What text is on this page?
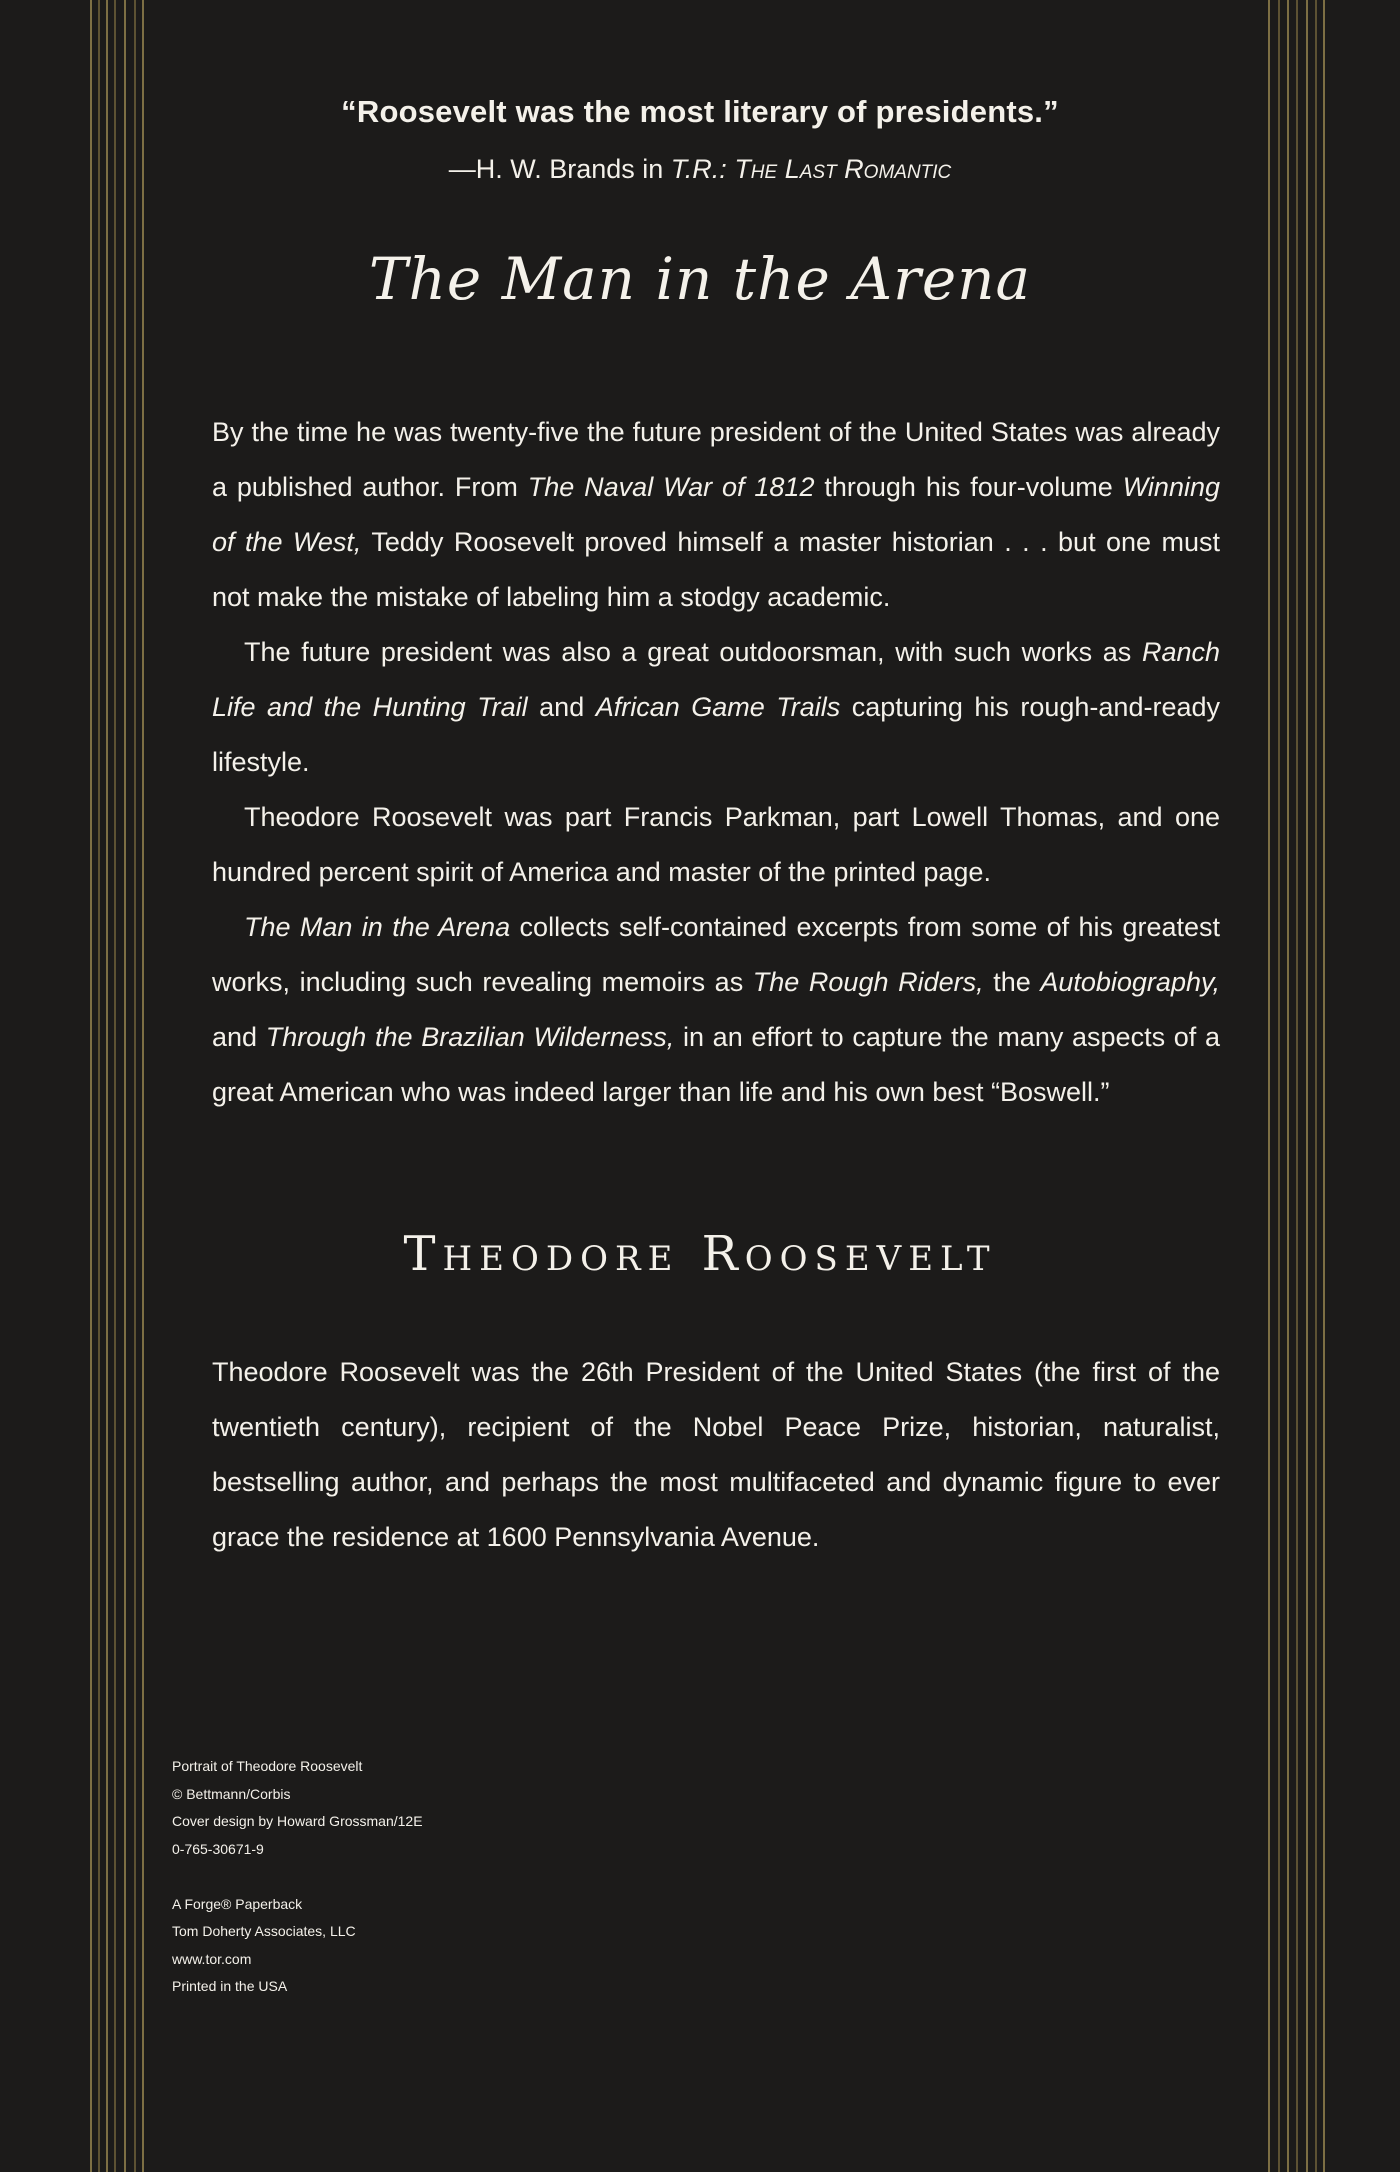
“Roosevelt was the most literary of presidents.”
—H. W. Brands in T.R.: The Last Romantic
The Man in the Arena

By the time he was twenty-five the future president of the United States was already a published author. From The Naval War of 1812 through his four-volume Winning of the West, Teddy Roosevelt proved himself a master historian . . . but one must not make the mistake of labeling him a stodgy academic.

The future president was also a great outdoorsman, with such works as Ranch Life and the Hunting Trail and African Game Trails capturing his rough-and-ready lifestyle.

Theodore Roosevelt was part Francis Parkman, part Lowell Thomas, and one hundred percent spirit of America and master of the printed page.

The Man in the Arena collects self-contained excerpts from some of his greatest works, including such revealing memoirs as The Rough Riders, the Autobiography, and Through the Brazilian Wilderness, in an effort to capture the many aspects of a great American who was indeed larger than life and his own best “Boswell.”

Theodore Roosevelt

Theodore Roosevelt was the 26th President of the United States (the first of the twentieth century), recipient of the Nobel Peace Prize, historian, naturalist, bestselling author, and perhaps the most multifaceted and dynamic figure to ever grace the residence at 1600 Pennsylvania Avenue.

Portrait of Theodore Roosevelt
© Bettmann/Corbis
Cover design by Howard Grossman/12E
0-765-30671-9
A Forge® Paperback
Tom Doherty Associates, LLC
www.tor.com
Printed in the USA
